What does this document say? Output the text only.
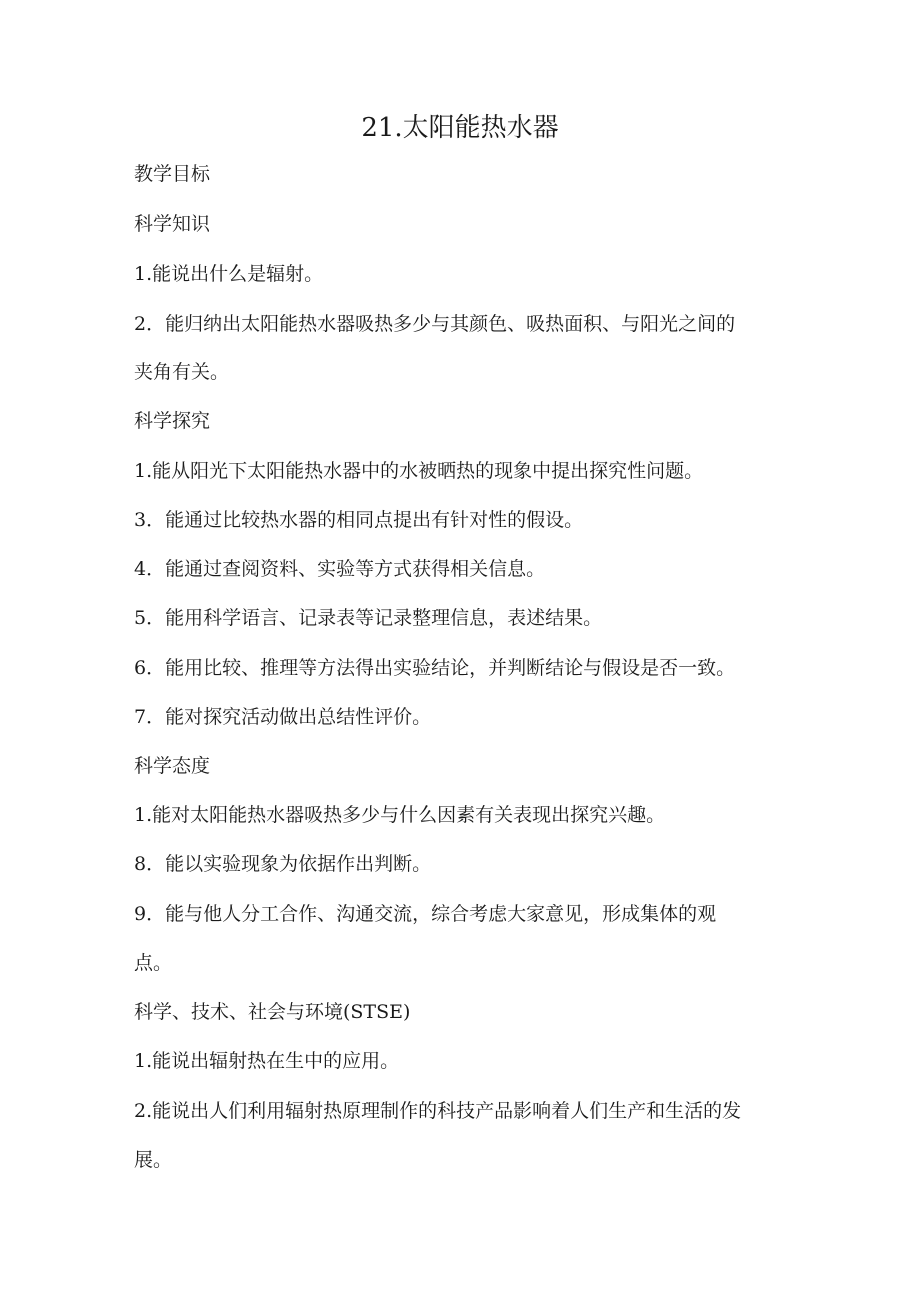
21.太阳能热水器
教学目标
科学知识
1.能说出什么是辐射。
2．能归纳出太阳能热水器吸热多少与其颜色、吸热面积、与阳光之间的
夹角有关。
科学探究
1.能从阳光下太阳能热水器中的水被晒热的现象中提出探究性问题。
3．能通过比较热水器的相同点提出有针对性的假设。
4．能通过查阅资料、实验等方式获得相关信息。
5．能用科学语言、记录表等记录整理信息，表述结果。
6．能用比较、推理等方法得出实验结论，并判断结论与假设是否一致。
7．能对探究活动做出总结性评价。
科学态度
1.能对太阳能热水器吸热多少与什么因素有关表现出探究兴趣。
8．能以实验现象为依据作出判断。
9．能与他人分工合作、沟通交流，综合考虑大家意见，形成集体的观
点。
科学、技术、社会与环境(STSE)
1.能说出辐射热在生中的应用。
2.能说出人们利用辐射热原理制作的科技产品影响着人们生产和生活的发
展。
